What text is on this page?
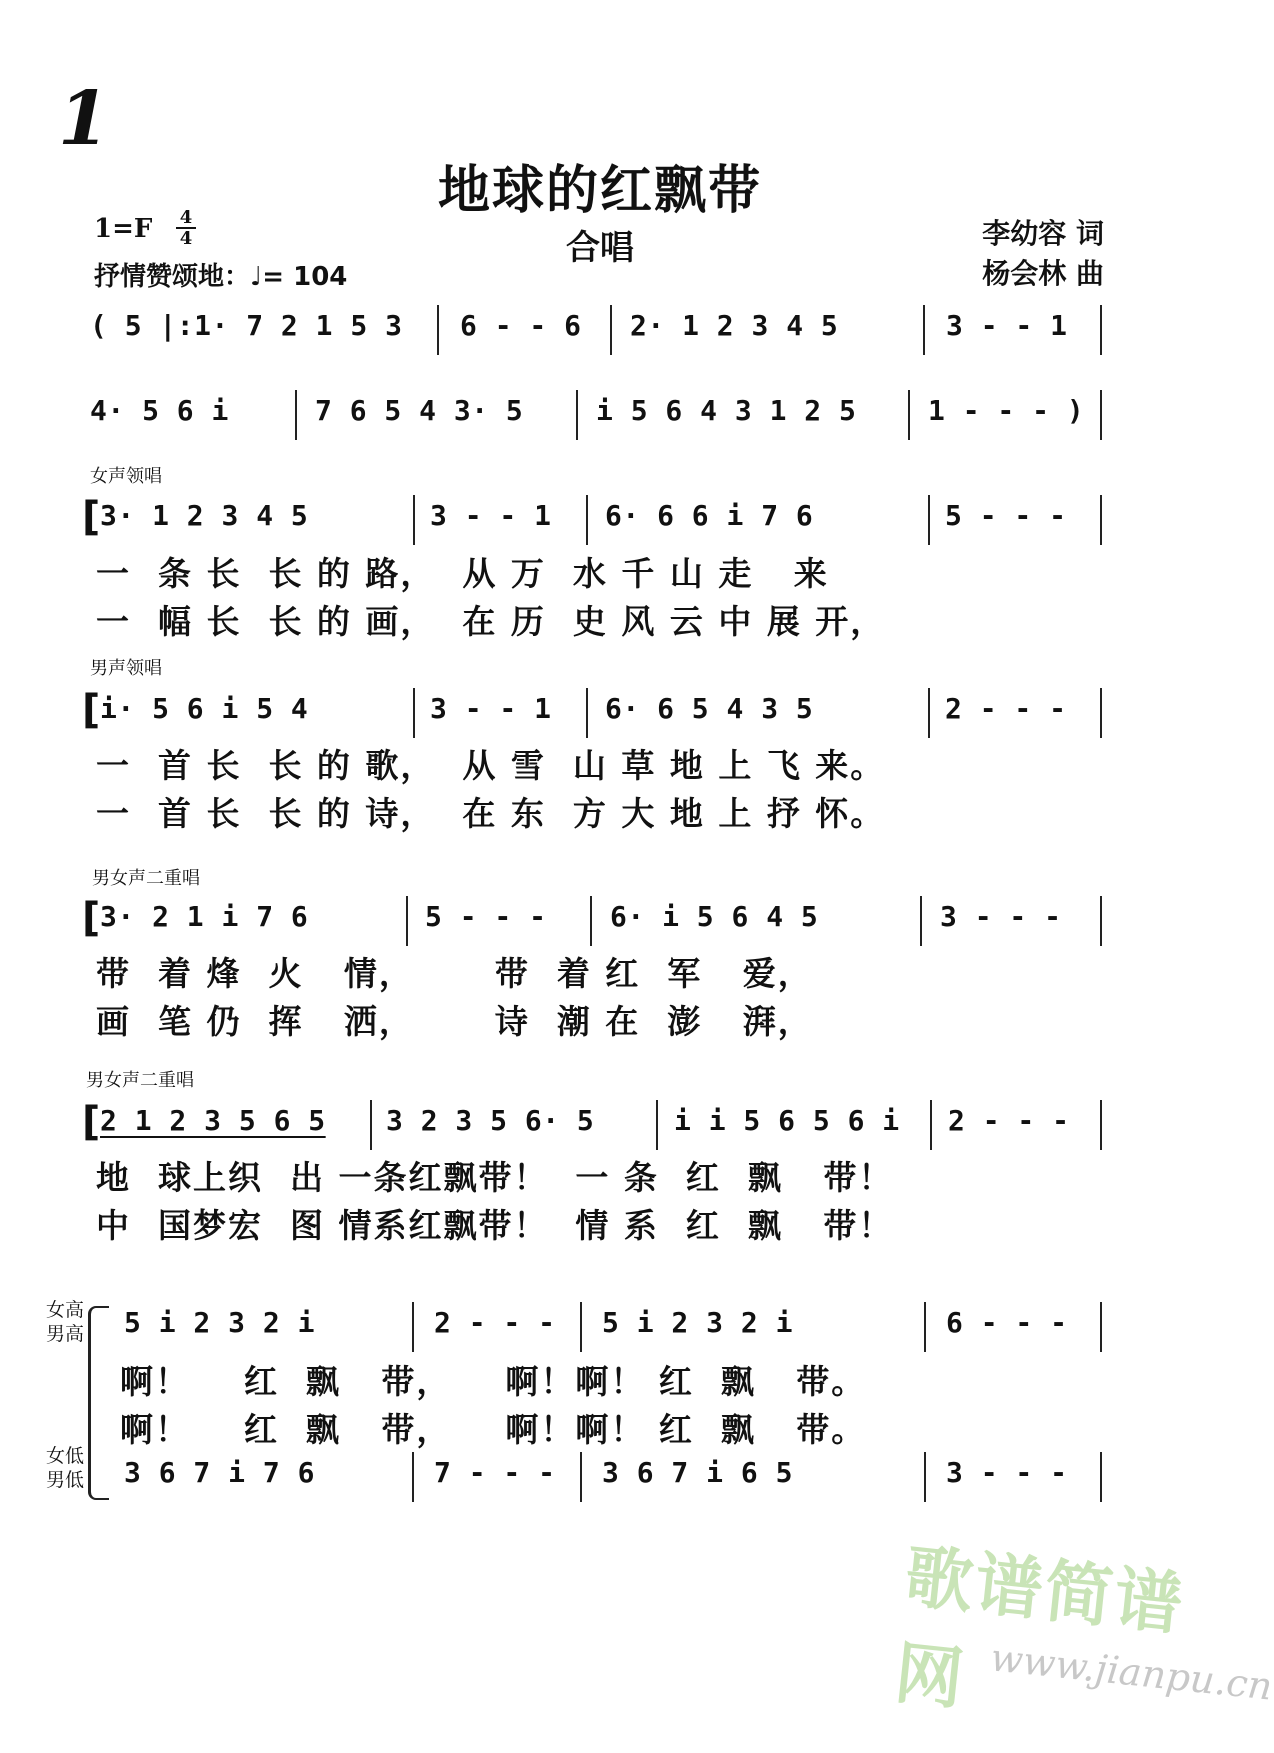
1
地球的红飘带
合唱
1=F 4
4
抒情赞颂地：♩= 104
李幼容 词
杨会林 曲
( 5 |:1· 7 2 1 5 3 6 - - 6 2· 1 2 3 4 5	3 - - 1
4· 5 6 i	7 6 5 4 3· 5	i 5 6 4 3 1 2 5	1 - - - )
女声领唱
[ 3· 1 2 3 4 5	3 - - 1 6· 6 6 i 7 6	5 - - -
一  条 长  长 的 路，  从 万  水 千 山 走   来
一  幅 长  长 的 画，  在 历  史 风 云 中 展 开，
男声领唱
[ i· 5 6 i 5 4	3 - - 1 6· 6 5 4 3 5	2 - - -
一  首 长  长 的 歌，  从 雪  山 草 地 上 飞 来。
一  首 长  长 的 诗，  在 东  方 大 地 上 抒 怀。
男女声二重唱
[ 3· 2 1 i 7 6	5 - - - 6· i 5 6 4 5	3 - - -
带  着 烽  火   情，      带  着 红  军   爱，
画  笔 仍  挥   洒，      诗  潮 在  澎   湃，
男女声二重唱
[ 2 1 2 3 5 6 5 3 2 3 5 6· 5	i i 5 6 5 6 i 2 - - -
地  球上织  出 一条红飘带！  一 条  红  飘   带！
中  国梦宏  图 情系红飘带！  情 系  红  飘   带！
女高
男高
女低
男低
5 i 2 3 2 i	2 - - - 5 i 2 3 2 i	6 - - -
啊！    红  飘   带，    啊！啊！ 红  飘   带。
啊！    红  飘   带，    啊！啊！ 红  飘   带。
3 6 7 i 7 6	7 - - - 3 6 7 i 6 5	3 - - -
歌谱简谱网 www.jianpu.cn
